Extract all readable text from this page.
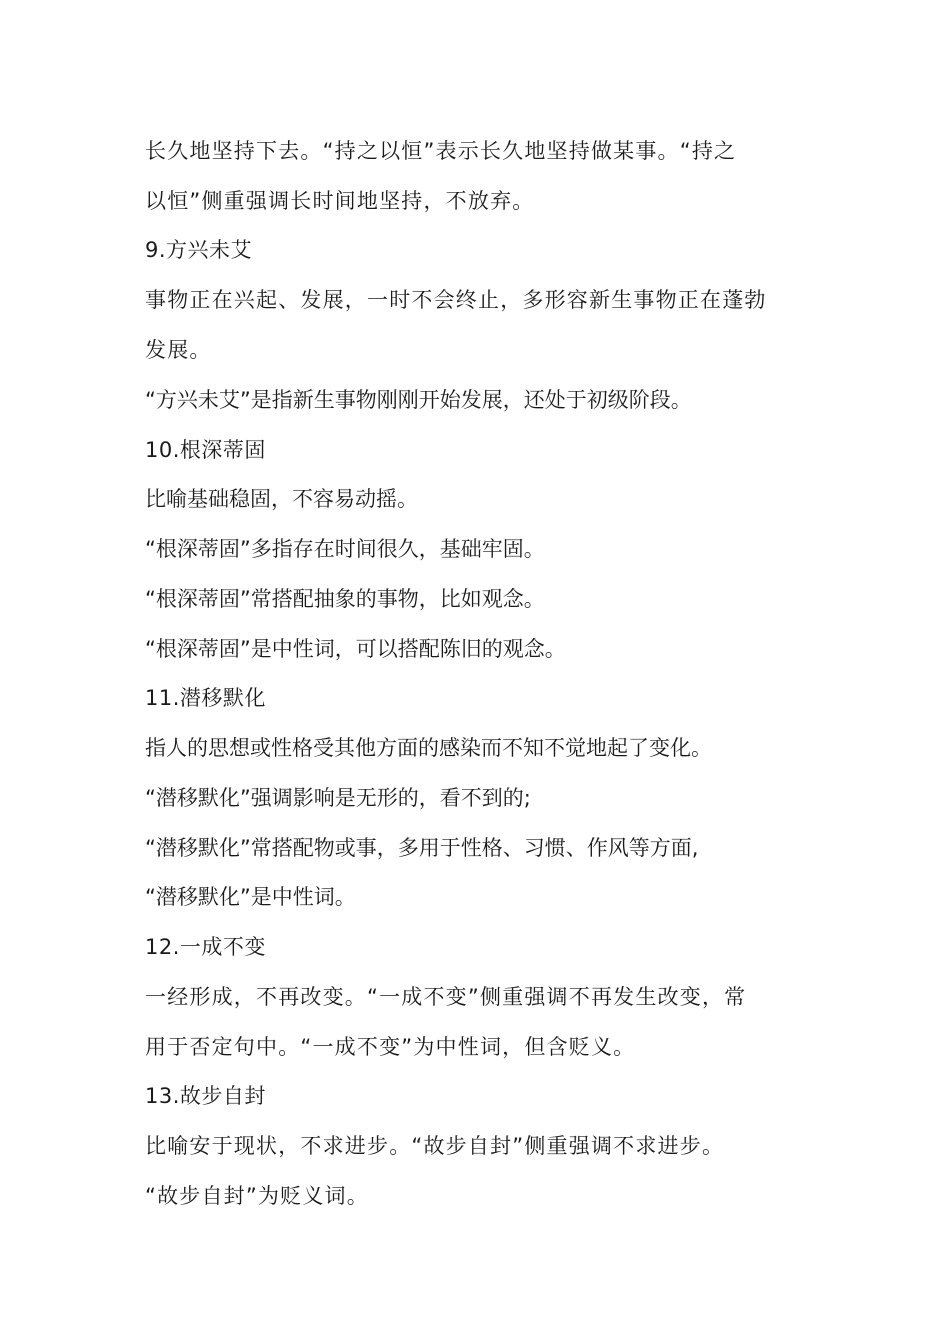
长久地坚持下去。“持之以恒”表示长久地坚持做某事。“持之
以恒”侧重强调长时间地坚持，不放弃。
9.方兴未艾
事物正在兴起、发展，一时不会终止，多形容新生事物正在蓬勃
发展。
“方兴未艾”是指新生事物刚刚开始发展，还处于初级阶段。
10.根深蒂固
比喻基础稳固，不容易动摇。
“根深蒂固”多指存在时间很久，基础牢固。
“根深蒂固”常搭配抽象的事物，比如观念。
“根深蒂固”是中性词，可以搭配陈旧的观念。
11.潜移默化
指人的思想或性格受其他方面的感染而不知不觉地起了变化。
“潜移默化”强调影响是无形的，看不到的;
“潜移默化”常搭配物或事，多用于性格、习惯、作风等方面,
“潜移默化”是中性词。
12.一成不变
一经形成，不再改变。“一成不变”侧重强调不再发生改变，常
用于否定句中。“一成不变”为中性词，但含贬义。
13.故步自封
比喻安于现状，不求进步。“故步自封”侧重强调不求进步。
“故步自封”为贬义词。
